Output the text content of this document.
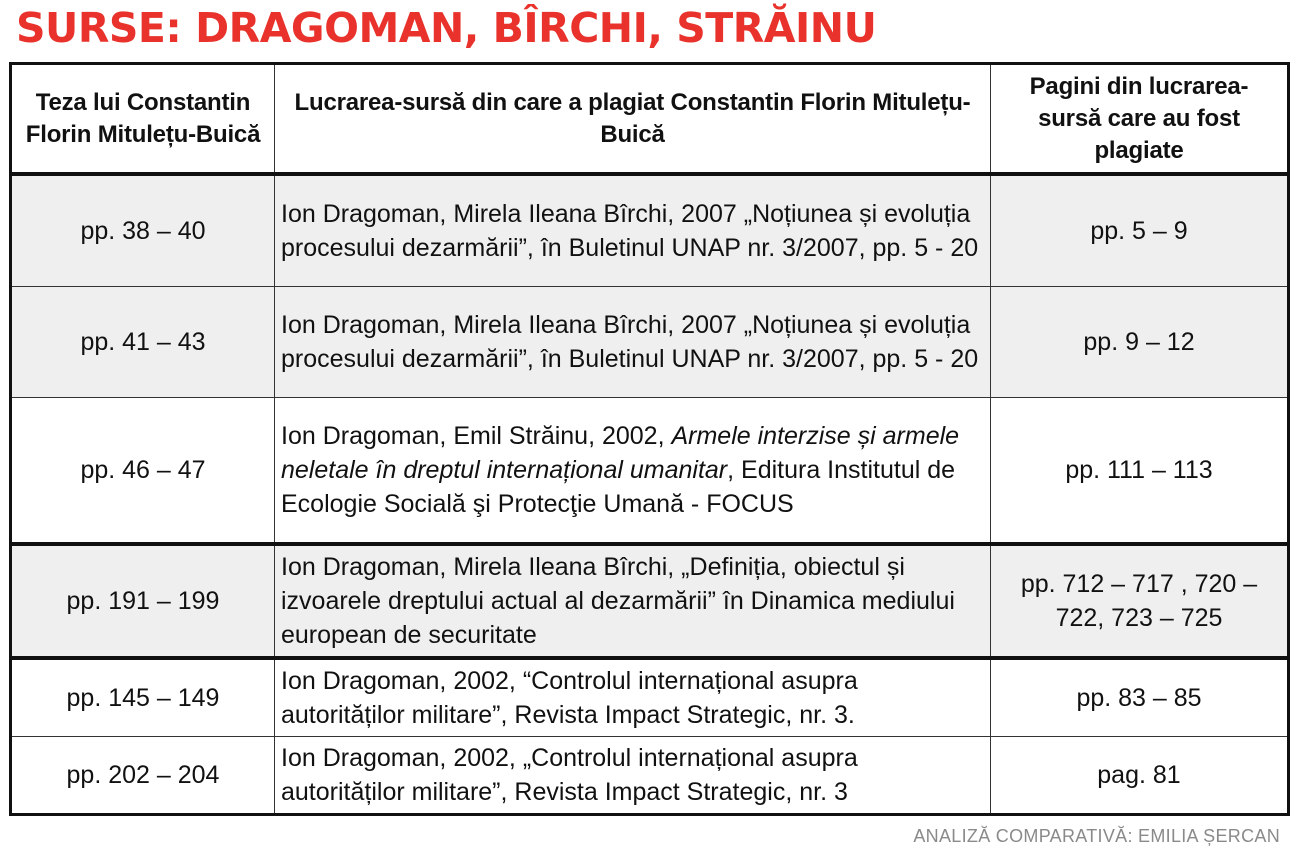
SURSE: DRAGOMAN, BÎRCHI, STRĂINU
Teza lui Constantin Florin Mitulețu-Buică	Lucrarea-sursă din care a plagiat Constantin Florin Mitulețu-Buică	Pagini din lucrarea-sursă care au fost plagiate
pp. 38 – 40	Ion Dragoman, Mirela Ileana Bîrchi, 2007 „Noțiunea și evoluția procesului dezarmării”, în Buletinul UNAP nr. 3/2007, pp. 5 - 20	pp. 5 – 9
pp. 41 – 43	Ion Dragoman, Mirela Ileana Bîrchi, 2007 „Noțiunea și evoluția procesului dezarmării”, în Buletinul UNAP nr. 3/2007, pp. 5 - 20	pp. 9 – 12
pp. 46 – 47	Ion Dragoman, Emil Străinu, 2002, Armele interzise și armele neletale în dreptul internațional umanitar, Editura Institutul de Ecologie Socială şi Protecţie Umană - FOCUS	pp. 111 – 113
pp. 191 – 199	Ion Dragoman, Mirela Ileana Bîrchi, „Definiția, obiectul și izvoarele dreptului actual al dezarmării” în Dinamica mediului european de securitate	pp. 712 – 717 , 720 – 722, 723 – 725
pp. 145 – 149	Ion Dragoman, 2002, “Controlul internațional asupra autorităților militare”, Revista Impact Strategic, nr. 3.	pp. 83 – 85
pp. 202 – 204	Ion Dragoman, 2002, „Controlul internațional asupra autorităților militare”, Revista Impact Strategic, nr. 3	pag. 81
ANALIZĂ COMPARATIVĂ: EMILIA ȘERCAN
